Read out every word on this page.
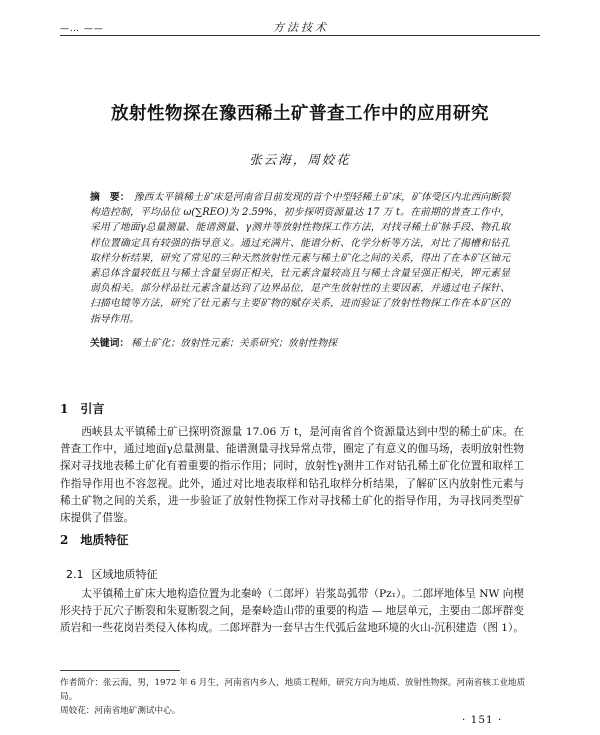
—… ——	方法技术
放射性物探在豫西稀土矿普查工作中的应用研究
张云海，周姣花
摘　要： 豫西太平镇稀土矿床是河南省目前发现的首个中型轻稀土矿床，矿体受区内北西向断裂构造控制，平均品位 ω(∑REO)为 2.59%，初步探明资源量达 17 万 t。在前期的普查工作中，采用了地面γ总量测量、能谱测量、γ测井等放射性物探工作方法，对找寻稀土矿脉手段、物孔取样位置确定具有较强的指导意义。通过充满片、能谱分析、化学分析等方法，对比了揭槽和钻孔取样分析结果，研究了常见的三种天然放射性元素与稀土矿化之间的关系，得出了在本矿区铀元素总体含量较低且与稀土含量呈弱正相关，钍元素含量较高且与稀土含量呈强正相关，钾元素显弱负相关。部分样品钍元素含量达到了边界品位，是产生放射性的主要因素，并通过电子探针、扫描电镜等方法，研究了钍元素与主要矿物的赋存关系，进而验证了放射性物探工作在本矿区的指导作用。
关键词： 稀土矿化；放射性元素；关系研究；放射性物探
1 引言
西峡县太平镇稀土矿已探明资源量 17.06 万 t，是河南省首个资源量达到中型的稀土矿床。在普查工作中，通过地面γ总量测量、能谱测量寻找异常点带，圈定了有意义的伽马场，表明放射性物探对寻找地表稀土矿化有着重要的指示作用；同时，放射性γ测井工作对钻孔稀土矿化位置和取样工作指导作用也不容忽视。此外，通过对比地表取样和钻孔取样分析结果，了解矿区内放射性元素与稀土矿物之间的关系，进一步验证了放射性物探工作对寻找稀土矿化的指导作用，为寻找同类型矿床提供了借鉴。
2 地质特征
2.1 区域地质特征
太平镇稀土矿床大地构造位置为北秦岭（二郎坪）岩浆岛弧带（Pz₁）。二郎坪地体呈 NW 向楔形夹持于瓦穴子断裂和朱夏断裂之间，是秦岭造山带的重要的构造 — 地层单元，主要由二郎坪群变质岩和一些花岗岩类侵入体构成。二郎坪群为一套早古生代弧后盆地环境的火山-沉积建造（图 1）。
作者简介：张云海，男，1972 年 6 月生，河南省内乡人，地质工程师，研究方向为地质、放射性物探。河南省核工业地质局。
周姣花：河南省地矿测试中心。
· 151 ·
